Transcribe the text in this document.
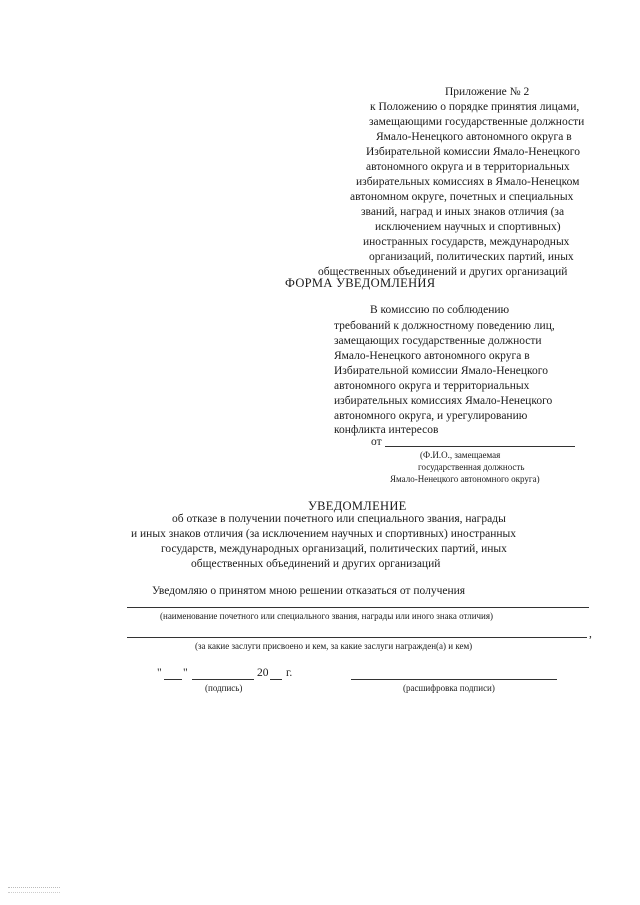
Приложение № 2
к Положению о порядке принятия лицами,
замещающими государственные должности
Ямало-Ненецкого автономного округа в
Избирательной комиссии Ямало-Ненецкого
автономного округа и в территориальных
избирательных комиссиях в Ямало-Ненецком
автономном округе, почетных и специальных
званий, наград и иных знаков отличия (за
исключением научных и спортивных)
иностранных государств, международных
организаций, политических партий, иных
общественных объединений и других организаций
ФОРМА УВЕДОМЛЕНИЯ
В комиссию по соблюдению
требований к должностному поведению лиц,
замещающих государственные должности
Ямало-Ненецкого автономного округа в
Избирательной комиссии Ямало-Ненецкого
автономного округа и территориальных
избирательных комиссиях Ямало-Ненецкого
автономного округа, и урегулированию
конфликта интересов
от
(Ф.И.О., замещаемая
государственная должность
Ямало-Ненецкого автономного округа)
УВЕДОМЛЕНИЕ
об отказе в получении почетного или специального звания, награды
и иных знаков отличия (за исключением научных и спортивных) иностранных
государств, международных организаций, политических партий, иных
общественных объединений и других организаций
Уведомляю о принятом мною решении отказаться от получения
(наименование почетного или специального звания, награды или иного знака отличия)
,
(за какие заслуги присвоено и кем, за какие заслуги награжден(а) и кем)
" "	20 г.
(подпись)	(расшифровка подписи)
